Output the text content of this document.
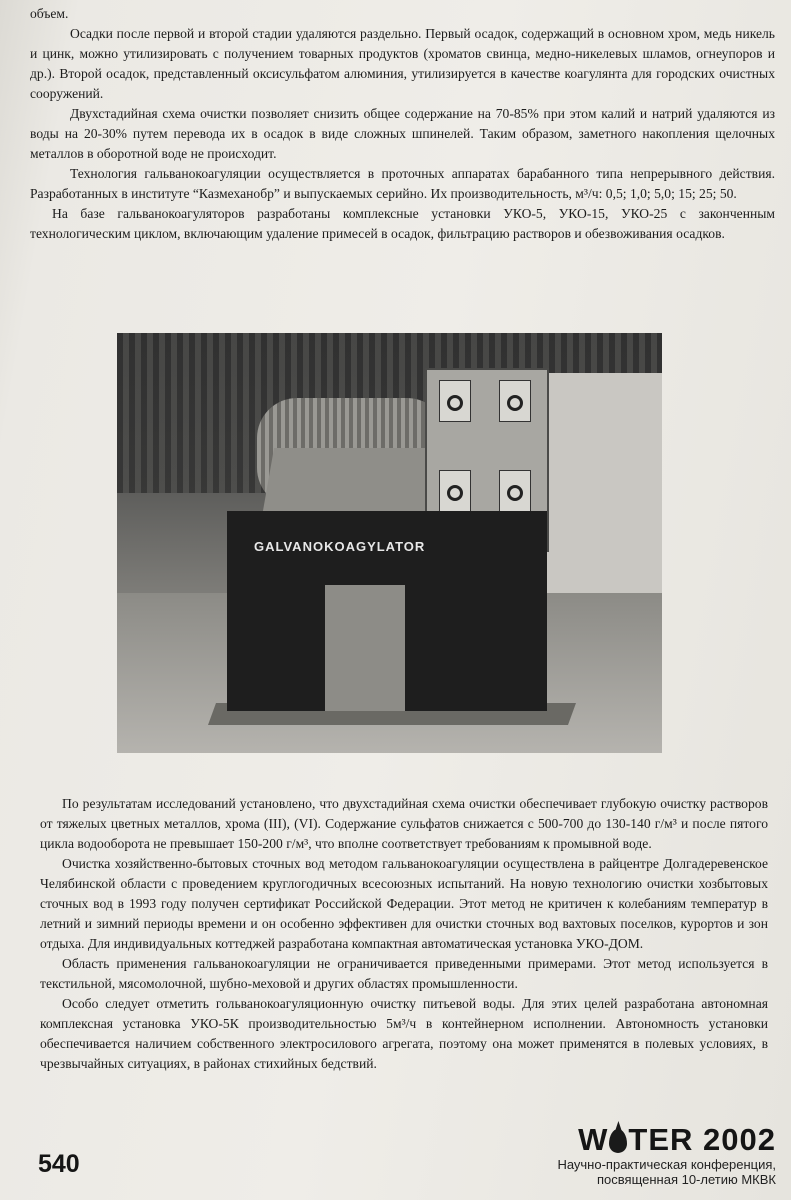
объем.

Осадки после первой и второй стадии удаляются раздельно. Первый осадок, содержащий в основном хром, медь никель и цинк, можно утилизировать с получением товарных продуктов (хроматов свинца, медно-никелевых шламов, огнеупоров и др.). Второй осадок, представленный оксисульфатом алюминия, утилизируется в качестве коагулянта для городских очистных сооружений.

Двухстадийная схема очистки позволяет снизить общее содержание на 70-85% при этом калий и натрий удаляются из воды на 20-30% путем перевода их в осадок в виде сложных шпинелей. Таким образом, заметного накопления щелочных металлов в оборотной воде не происходит.

Технология гальванокоагуляции осуществляется в проточных аппаратах барабанного типа непрерывного действия. Разработанных в институте “Казмеханобр” и выпускаемых серийно. Их производительность, м³/ч: 0,5; 1,0; 5,0; 15; 25; 50.

На базе гальванокоагуляторов разработаны комплексные установки УКО-5, УКО-15, УКО-25 с законченным технологическим циклом, включающим удаление примесей в осадок, фильтрацию растворов и обезвоживания осадков.

GALVANOKOAGYLATOR

По результатам исследований установлено, что двухстадийная схема очистки обеспечивает глубокую очистку растворов от тяжелых цветных металлов, хрома (III), (VI). Содержание сульфатов снижается с 500-700 до 130-140 г/м³ и после пятого цикла водооборота не превышает 150-200 г/м³, что вполне соответствует требованиям к промывной воде.

Очистка хозяйственно-бытовых сточных вод методом гальванокоагуляции осуществлена в райцентре Долгадеревенское Челябинской области с проведением круглогодичных всесоюзных испытаний. На новую технологию очистки хозбытовых сточных вод в 1993 году получен сертификат Российской Федерации. Этот метод не критичен к колебаниям температур в летний и зимний периоды времени и он особенно эффективен для очистки сточных вод вахтовых поселков, курортов и зон отдыха. Для индивидуальных коттеджей разработана компактная автоматическая установка УКО-ДОМ.

Область применения гальванокоагуляции не ограничивается приведенными примерами. Этот метод используется в текстильной, мясомолочной, шубно-меховой и других областях промышленности.

Особо следует отметить гольванокоагуляционную очистку питьевой воды. Для этих целей разработана автономная комплексная установка УКО-5К производительностью 5м³/ч в контейнерном исполнении. Автономность установки обеспечивается наличием собственного электросилового агрегата, поэтому она может применятся в полевых условиях, в чрезвычайных ситуациях, в районах стихийных бедствий.

540
W TER 2002
Научно-практическая конференция,
посвященная 10-летию МКВК
